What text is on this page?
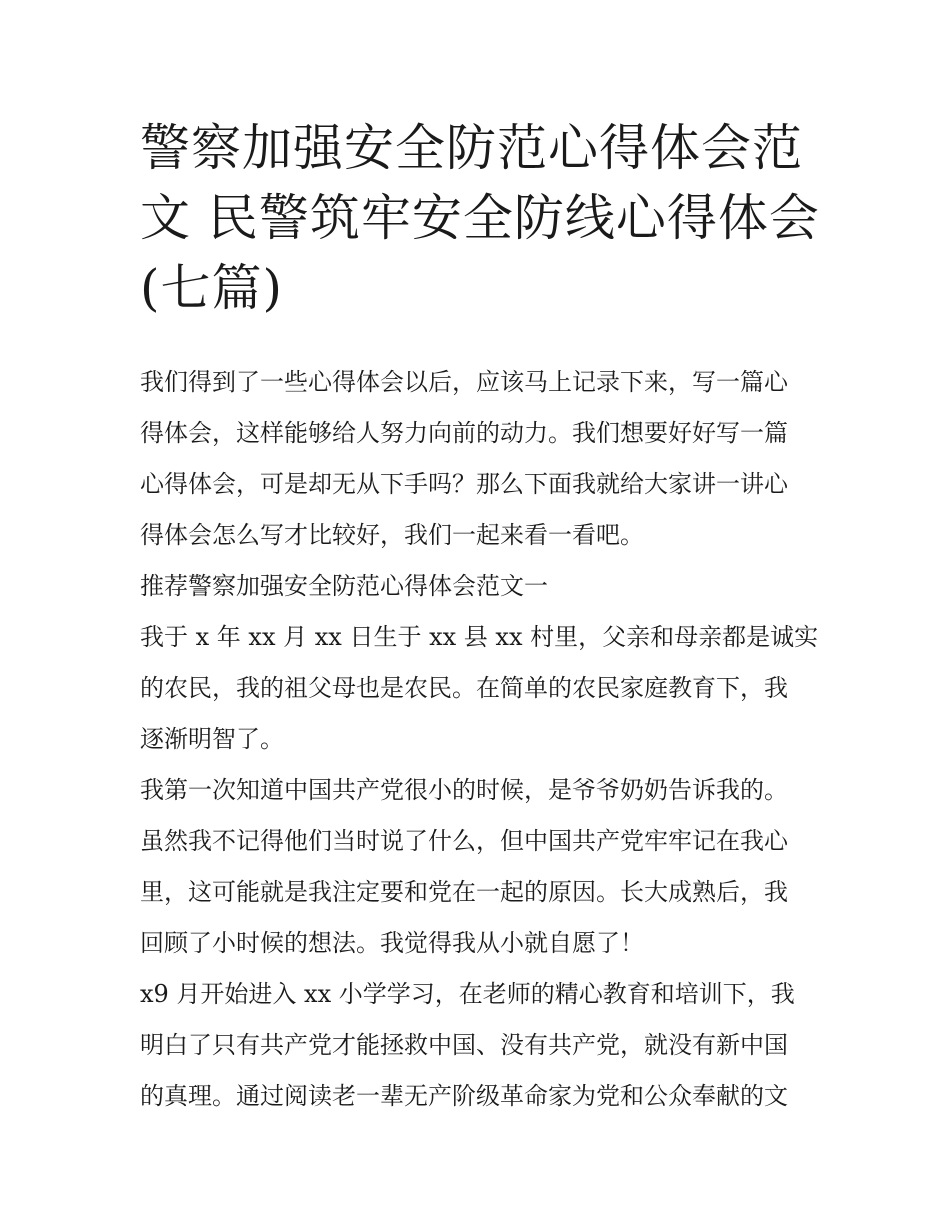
警察加强安全防范心得体会范
文 民警筑牢安全防线心得体会
(七篇)

我们得到了一些心得体会以后，应该马上记录下来，写一篇心
得体会，这样能够给人努力向前的动力。我们想要好好写一篇
心得体会，可是却无从下手吗？那么下面我就给大家讲一讲心
得体会怎么写才比较好，我们一起来看一看吧。

推荐警察加强安全防范心得体会范文一

我于 x 年 xx 月 xx 日生于 xx 县 xx 村里，父亲和母亲都是诚实
的农民，我的祖父母也是农民。在简单的农民家庭教育下，我
逐渐明智了。

我第一次知道中国共产党很小的时候，是爷爷奶奶告诉我的。
虽然我不记得他们当时说了什么，但中国共产党牢牢记在我心
里，这可能就是我注定要和党在一起的原因。长大成熟后，我
回顾了小时候的想法。我觉得我从小就自愿了！

x9 月开始进入 xx 小学学习，在老师的精心教育和培训下，我
明白了只有共产党才能拯救中国、没有共产党，就没有新中国
的真理。通过阅读老一辈无产阶级革命家为党和公众奉献的文
